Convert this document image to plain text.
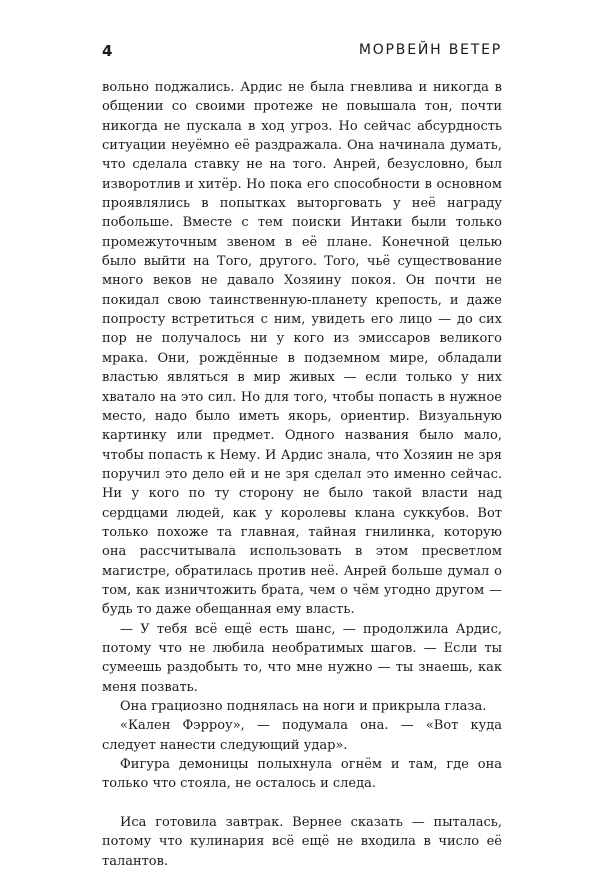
4	МОРВЕЙН ВЕТЕР

вольно поджались. Ардис не была гневлива и никогда в общении со своими протеже не повышала тон, почти никогда не пускала в ход угроз. Но сейчас абсурдность ситуации неуёмно её раздражала. Она начинала думать, что сделала ставку не на того. Анрей, безусловно, был изворотлив и хитёр. Но пока его способности в основном проявлялись в попытках выторговать у неё награду побольше. Вместе с тем поиски Интаки были только промежуточным звеном в её плане. Конечной целью было выйти на Того, другого. Того, чьё существование много веков не давало Хозяину покоя. Он почти не покидал свою таинственную-планету крепость, и даже попросту встретиться с ним, увидеть его лицо — до сих пор не получалось ни у кого из эмиссаров великого мрака. Они, рождённые в подземном мире, обладали властью являться в мир живых — если только у них хватало на это сил. Но для того, чтобы попасть в нужное место, надо было иметь якорь, ориентир. Визуальную картинку или предмет. Одного названия было мало, чтобы попасть к Нему. И Ардис знала, что Хозяин не зря поручил это дело ей и не зря сделал это именно сейчас. Ни у кого по ту сторону не было такой власти над сердцами людей, как у королевы клана суккубов. Вот только похоже та главная, тайная гнилинка, которую она рассчитывала использовать в этом пресветлом магистре, обратилась против неё. Анрей больше думал о том, как изничтожить брата, чем о чём угодно другом — будь то даже обещанная ему власть.

— У тебя всё ещё есть шанс, — продолжила Ардис, потому что не любила необратимых шагов. — Если ты сумеешь раздобыть то, что мне нужно — ты знаешь, как меня позвать.

Она грациозно поднялась на ноги и прикрыла глаза.

«Кален Фэрроу», — подумала она. — «Вот куда следует нанести следующий удар».

Фигура демоницы полыхнула огнём и там, где она только что стояла, не осталось и следа.

Иса готовила завтрак. Вернее сказать — пыталась, потому что кулинария всё ещё не входила в число её талантов.
